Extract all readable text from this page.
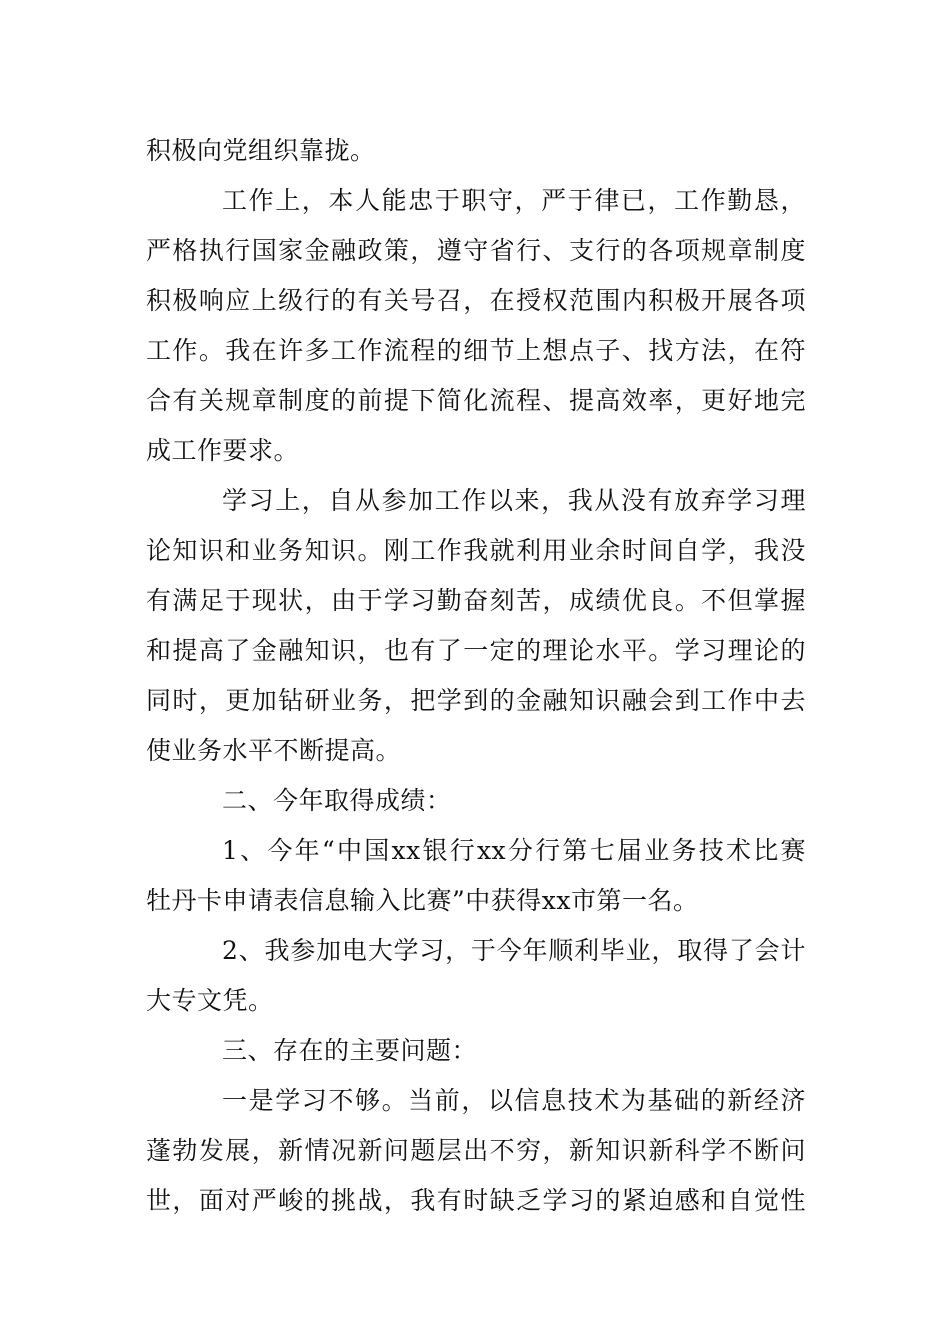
积极向党组织靠拢。
工作上，本人能忠于职守，严于律已，工作勤恳，
严格执行国家金融政策，遵守省行、支行的各项规章制度
积极响应上级行的有关号召，在授权范围内积极开展各项
工作。我在许多工作流程的细节上想点子、找方法，在符
合有关规章制度的前提下简化流程、提高效率，更好地完
成工作要求。
学习上，自从参加工作以来，我从没有放弃学习理
论知识和业务知识。刚工作我就利用业余时间自学，我没
有满足于现状，由于学习勤奋刻苦，成绩优良。不但掌握
和提高了金融知识，也有了一定的理论水平。学习理论的
同时，更加钻研业务，把学到的金融知识融会到工作中去
使业务水平不断提高。
二、今年取得成绩：
1、今年“中国xx银行xx分行第七届业务技术比赛
牡丹卡申请表信息输入比赛”中获得xx市第一名。
2、我参加电大学习，于今年顺利毕业，取得了会计
大专文凭。
三、存在的主要问题：
一是学习不够。当前，以信息技术为基础的新经济
蓬勃发展，新情况新问题层出不穷，新知识新科学不断问
世，面对严峻的挑战，我有时缺乏学习的紧迫感和自觉性
